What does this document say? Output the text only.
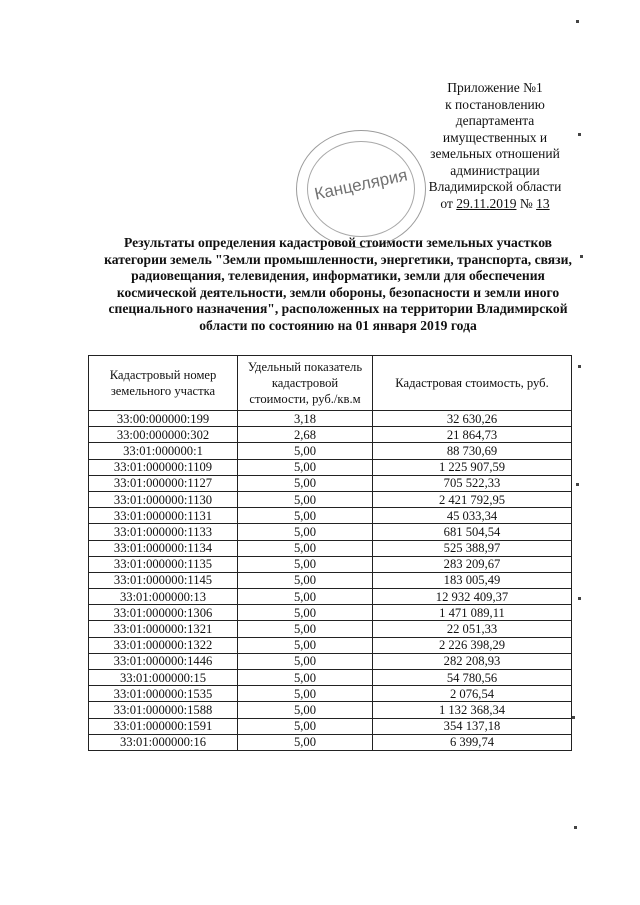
Приложение №1
к постановлению
департамента
имущественных и
земельных отношений
администрации
Владимирской области
от 29.11.2019 № 13
Канцелярия
Результаты определения кадастровой стоимости земельных участков категории земель "Земли промышленности, энергетики, транспорта, связи, радиовещания, телевидения, информатики, земли для обеспечения космической деятельности, земли обороны, безопасности и земли иного специального назначения", расположенных на территории Владимирской области по состоянию на 01 января 2019 года
Кадастровый номер земельного участка	Удельный показатель кадастровой стоимости, руб./кв.м	Кадастровая стоимость, руб.
33:00:000000:199	3,18	32 630,26
33:00:000000:302	2,68	21 864,73
33:01:000000:1	5,00	88 730,69
33:01:000000:1109	5,00	1 225 907,59
33:01:000000:1127	5,00	705 522,33
33:01:000000:1130	5,00	2 421 792,95
33:01:000000:1131	5,00	45 033,34
33:01:000000:1133	5,00	681 504,54
33:01:000000:1134	5,00	525 388,97
33:01:000000:1135	5,00	283 209,67
33:01:000000:1145	5,00	183 005,49
33:01:000000:13	5,00	12 932 409,37
33:01:000000:1306	5,00	1 471 089,11
33:01:000000:1321	5,00	22 051,33
33:01:000000:1322	5,00	2 226 398,29
33:01:000000:1446	5,00	282 208,93
33:01:000000:15	5,00	54 780,56
33:01:000000:1535	5,00	2 076,54
33:01:000000:1588	5,00	1 132 368,34
33:01:000000:1591	5,00	354 137,18
33:01:000000:16	5,00	6 399,74
